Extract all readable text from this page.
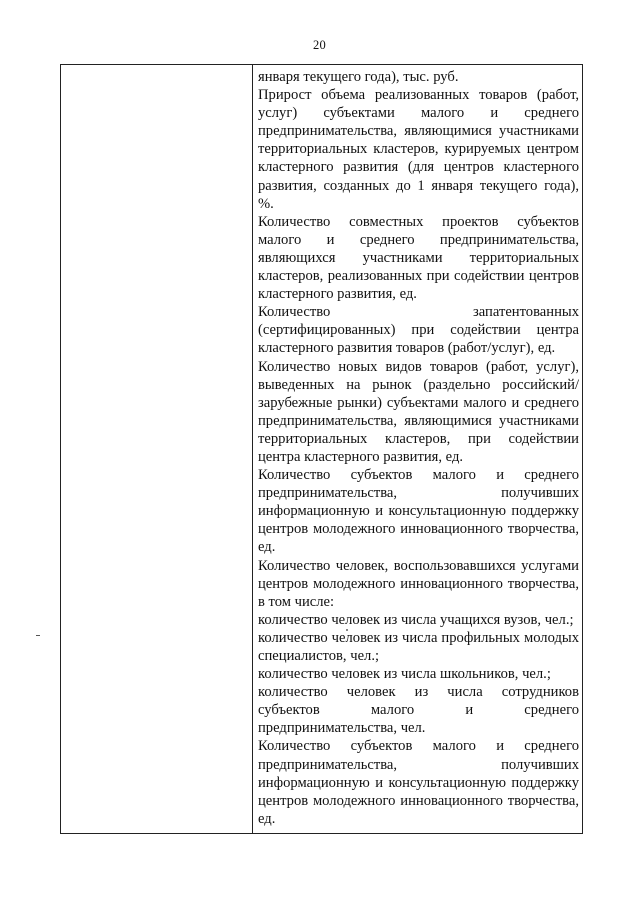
20

января текущего года), тыс. руб.

Прирост объема реализованных товаров (работ, услуг) субъектами малого и среднего предпринимательства, являющимися участниками территориальных кластеров, курируемых центром кластерного развития (для центров кластерного развития, созданных до 1 января текущего года), %.

Количество совместных проектов субъектов малого и среднего предпринимательства, являющихся участниками территориальных кластеров, реализованных при содействии центров кластерного развития, ед.

Количество запатентованных (сертифицированных) при содействии центра кластерного развития товаров (работ/услуг), ед.

Количество новых видов товаров (работ, услуг), выведенных на рынок (раздельно российский/зарубежные рынки) субъектами малого и среднего предпринимательства, являющимися участниками территориальных кластеров, при содействии центра кластерного развития, ед.

Количество субъектов малого и среднего предпринимательства, получивших информационную и консультационную поддержку центров молодежного инновационного творчества, ед.

Количество человек, воспользовавшихся услугами центров молодежного инновационного творчества, в том числе:

количество человек из числа учащихся вузов, чел.;

количество человек из числа профильных молодых специалистов, чел.;

количество человек из числа школьников, чел.;

количество человек из числа сотрудников субъектов малого и среднего предпринимательства, чел.

Количество субъектов малого и среднего предпринимательства, получивших информационную и консультационную поддержку центров молодежного инновационного творчества, ед.
